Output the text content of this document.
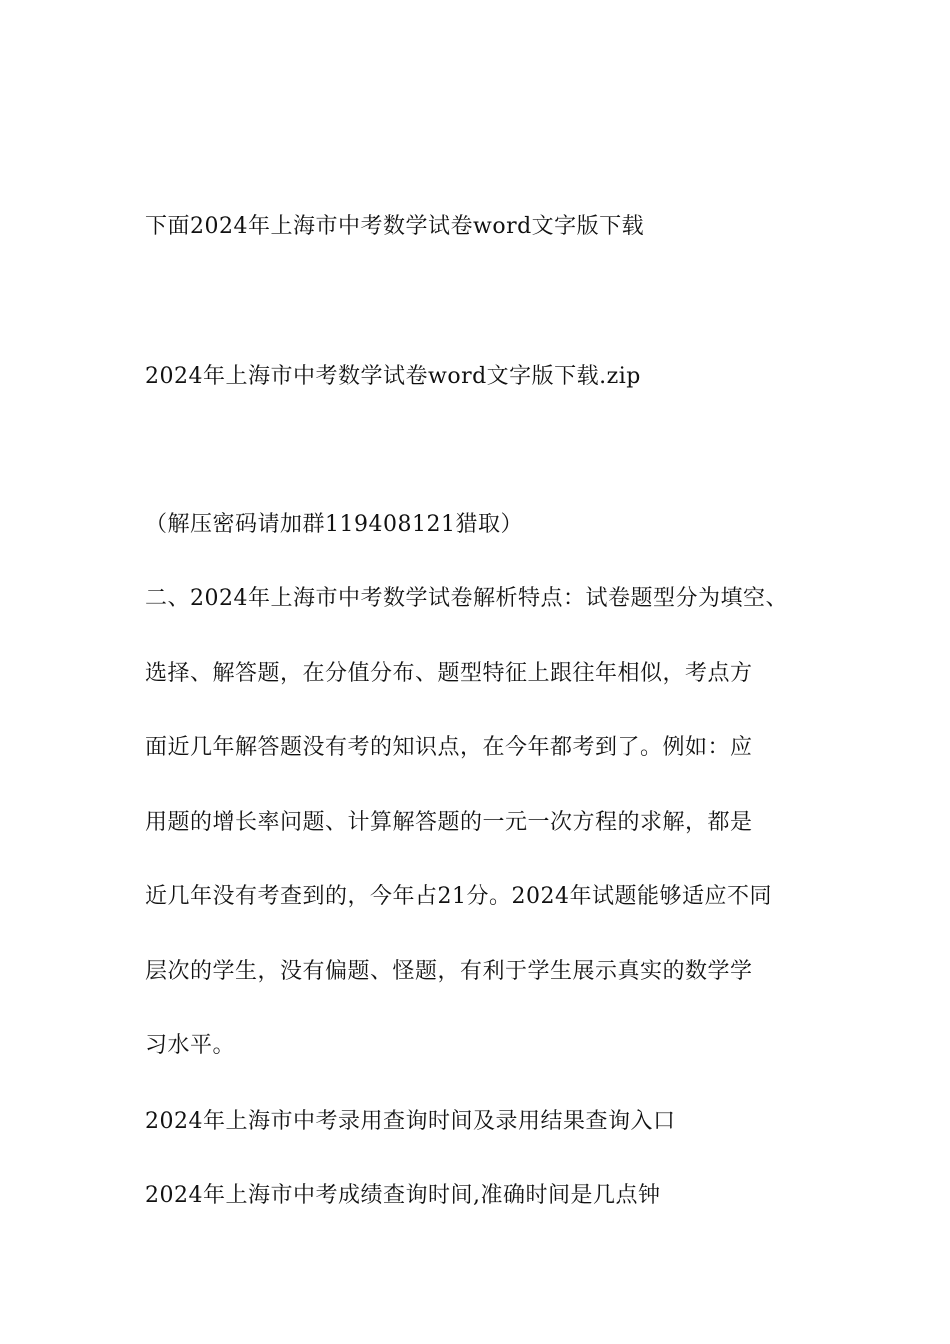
下面2024年上海市中考数学试卷word文字版下载
2024年上海市中考数学试卷word文字版下载.zip
（解压密码请加群119408121猎取）
二、2024年上海市中考数学试卷解析特点：试卷题型分为填空、
选择、解答题，在分值分布、题型特征上跟往年相似，考点方
面近几年解答题没有考的知识点，在今年都考到了。例如：应
用题的增长率问题、计算解答题的一元一次方程的求解，都是
近几年没有考查到的，今年占21分。2024年试题能够适应不同
层次的学生，没有偏题、怪题，有利于学生展示真实的数学学
习水平。
2024年上海市中考录用查询时间及录用结果查询入口
2024年上海市中考成绩查询时间,准确时间是几点钟
